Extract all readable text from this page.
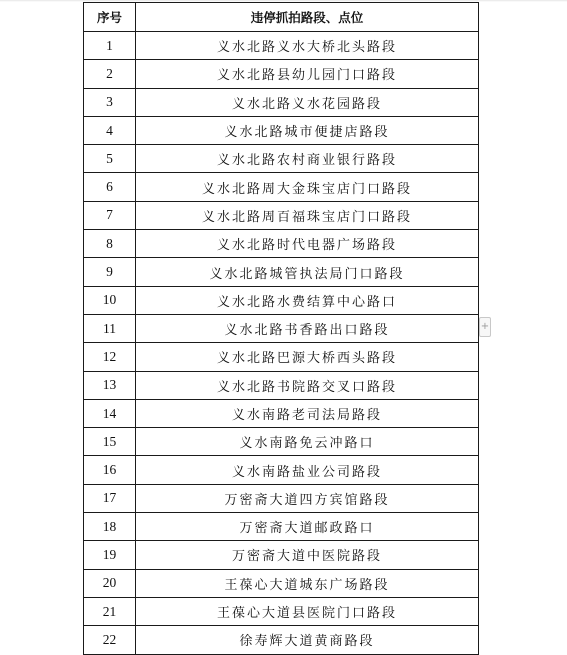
序号	违停抓拍路段、点位
1	义水北路义水大桥北头路段
2	义水北路县幼儿园门口路段
3	义水北路义水花园路段
4	义水北路城市便捷店路段
5	义水北路农村商业银行路段
6	义水北路周大金珠宝店门口路段
7	义水北路周百福珠宝店门口路段
8	义水北路时代电器广场路段
9	义水北路城管执法局门口路段
10	义水北路水费结算中心路口
11	义水北路书香路出口路段
12	义水北路巴源大桥西头路段
13	义水北路书院路交叉口路段
14	义水南路老司法局路段
15	义水南路免云冲路口
16	义水南路盐业公司路段
17	万密斋大道四方宾馆路段
18	万密斋大道邮政路口
19	万密斋大道中医院路段
20	王葆心大道城东广场路段
21	王葆心大道县医院门口路段
22	徐寿辉大道黄商路段
+
